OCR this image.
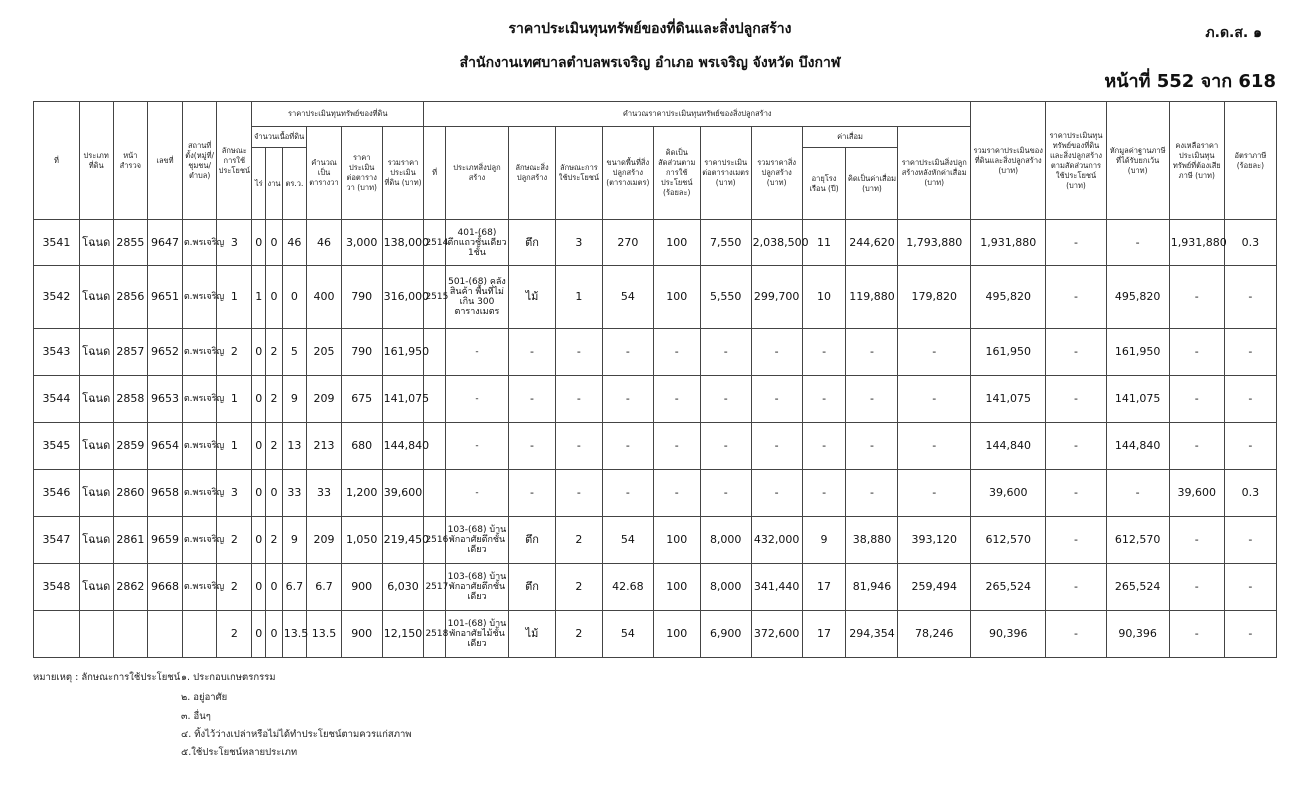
ราคาประเมินทุนทรัพย์ของที่ดินและสิ่งปลูกสร้าง
สำนักงานเทศบาลตำบลพรเจริญ อำเภอ พรเจริญ จังหวัด บึงกาฬ
ภ.ด.ส. ๑
หน้าที่ 552 จาก 618
ที่	ประเภทที่ดิน	หน้าสำรวจ	เลขที่	สถานที่ตั้ง(หมู่ที่/ชุมชน/ตำบล)	ลักษณะการใช้ประโยชน์	ราคาประเมินทุนทรัพย์ของที่ดิน						คำนวณราคาประเมินทุนทรัพย์ของสิ่งปลูกสร้าง											รวมราคาประเมินของที่ดินและสิ่งปลูกสร้าง (บาท)	ราคาประเมินทุนทรัพย์ของที่ดินและสิ่งปลูกสร้างตามสัดส่วนการใช้ประโยชน์ (บาท)	หักมูลค่าฐานภาษีที่ได้รับยกเว้น (บาท)	คงเหลือราคาประเมินทุนทรัพย์ที่ต้องเสียภาษี (บาท)	อัตราภาษี (ร้อยละ)
						จำนวนเนื้อที่ดิน			คำนวณเป็นตารางวา	ราคาประเมินต่อตารางวา (บาท)	รวมราคาประเมินที่ดิน (บาท)	ที่	ประเภทสิ่งปลูกสร้าง	ลักษณะสิ่งปลูกสร้าง	ลักษณะการใช้ประโยชน์	ขนาดพื้นที่สิ่งปลูกสร้าง (ตารางเมตร)	คิดเป็นสัดส่วนตามการใช้ประโยชน์ (ร้อยละ)	ราคาประเมินต่อตารางเมตร (บาท)	รวมราคาสิ่งปลูกสร้าง (บาท)	ค่าเสื่อม		ราคาประเมินสิ่งปลูกสร้างหลังหักค่าเสื่อม (บาท)					
						ไร่	งาน	ตร.ว.												อายุโรงเรือน (ปี)	คิดเป็นค่าเสื่อม (บาท)						
3541	โฉนด	2855	9647	ต.พรเจริญ	3	0	0	46	46	3,000	138,000	2514	401-(68) ตึกแถวชั้นเดียว 1ชั้น	ตึก	3	270	100	7,550	2,038,500	11	244,620	1,793,880	1,931,880	-	-	1,931,880	0.3
3542	โฉนด	2856	9651	ต.พรเจริญ	1	1	0	0	400	790	316,000	2515	501-(68) คลังสินค้า พื้นที่ไม่เกิน 300 ตารางเมตร	ไม้	1	54	100	5,550	299,700	10	119,880	179,820	495,820	-	495,820	-	-
3543	โฉนด	2857	9652	ต.พรเจริญ	2	0	2	5	205	790	161,950		-	-	-	-	-	-	-	-	-	-	161,950	-	161,950	-	-
3544	โฉนด	2858	9653	ต.พรเจริญ	1	0	2	9	209	675	141,075		-	-	-	-	-	-	-	-	-	-	141,075	-	141,075	-	-
3545	โฉนด	2859	9654	ต.พรเจริญ	1	0	2	13	213	680	144,840		-	-	-	-	-	-	-	-	-	-	144,840	-	144,840	-	-
3546	โฉนด	2860	9658	ต.พรเจริญ	3	0	0	33	33	1,200	39,600		-	-	-	-	-	-	-	-	-	-	39,600	-	-	39,600	0.3
3547	โฉนด	2861	9659	ต.พรเจริญ	2	0	2	9	209	1,050	219,450	2516	103-(68) บ้านพักอาศัยตึกชั้นเดียว	ตึก	2	54	100	8,000	432,000	9	38,880	393,120	612,570	-	612,570	-	-
3548	โฉนด	2862	9668	ต.พรเจริญ	2	0	0	6.7	6.7	900	6,030	2517	103-(68) บ้านพักอาศัยตึกชั้นเดียว	ตึก	2	42.68	100	8,000	341,440	17	81,946	259,494	265,524	-	265,524	-	-
					2	0	0	13.5	13.5	900	12,150	2518	101-(68) บ้านพักอาศัยไม้ชั้นเดียว	ไม้	2	54	100	6,900	372,600	17	294,354	78,246	90,396	-	90,396	-	-
หมายเหตุ : ลักษณะการใช้ประโยชน์ ๑. ประกอบเกษตรกรรม
๒. อยู่อาศัย
๓. อื่นๆ
๔. ทิ้งไว้ว่างเปล่าหรือไม่ได้ทำประโยชน์ตามควรแก่สภาพ
๕.ใช้ประโยชน์หลายประเภท
